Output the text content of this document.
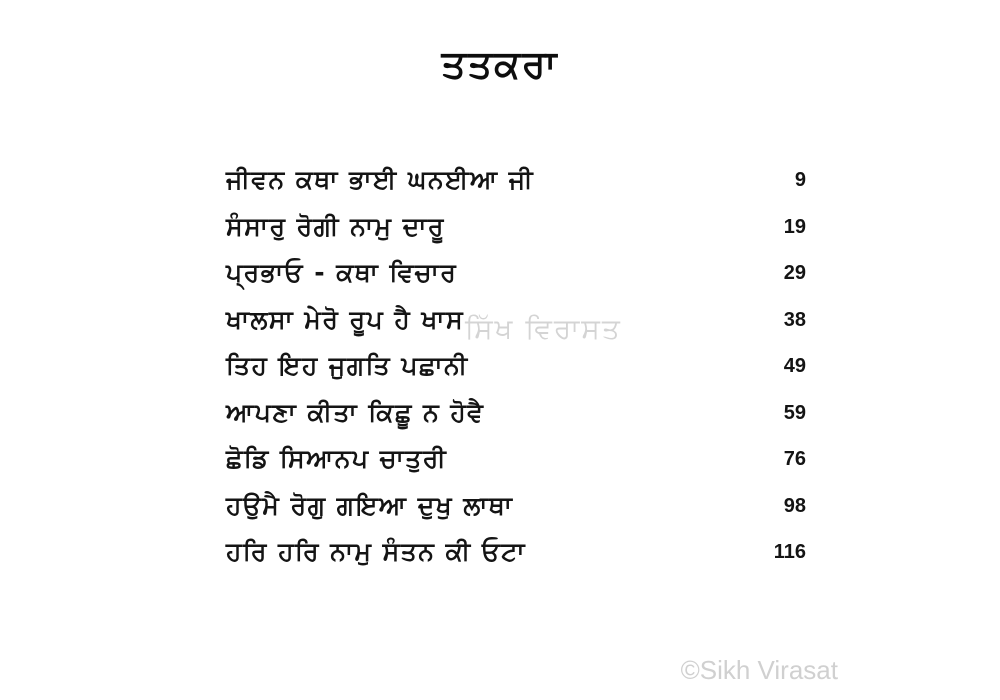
ਤਤਕਰਾ
ਜੀਵਨ ਕਥਾ ਭਾਈ ਘਨਈਆ ਜੀ	9
ਸੰਸਾਰੁ ਰੋਗੀ ਨਾਮੁ ਦਾਰੂ	19
ਪ੍ਰਭਾਓ - ਕਥਾ ਵਿਚਾਰ	29
ਖਾਲਸਾ ਮੇਰੋ ਰੂਪ ਹੈ ਖਾਸ	38
ਤਿਹ ਇਹ ਜੁਗਤਿ ਪਛਾਨੀ	49
ਆਪਣਾ ਕੀਤਾ ਕਿਛੂ ਨ ਹੋਵੈ	59
ਛੋਡਿ ਸਿਆਨਪ ਚਾਤੁਰੀ	76
ਹਉਮੈ ਰੋਗੁ ਗਇਆ ਦੁਖੁ ਲਾਥਾ	98
ਹਰਿ ਹਰਿ ਨਾਮੁ ਸੰਤਨ ਕੀ ਓਟਾ	116
ਸਿੱਖ ਵਿਰਾਸਤ
©Sikh Virasat
